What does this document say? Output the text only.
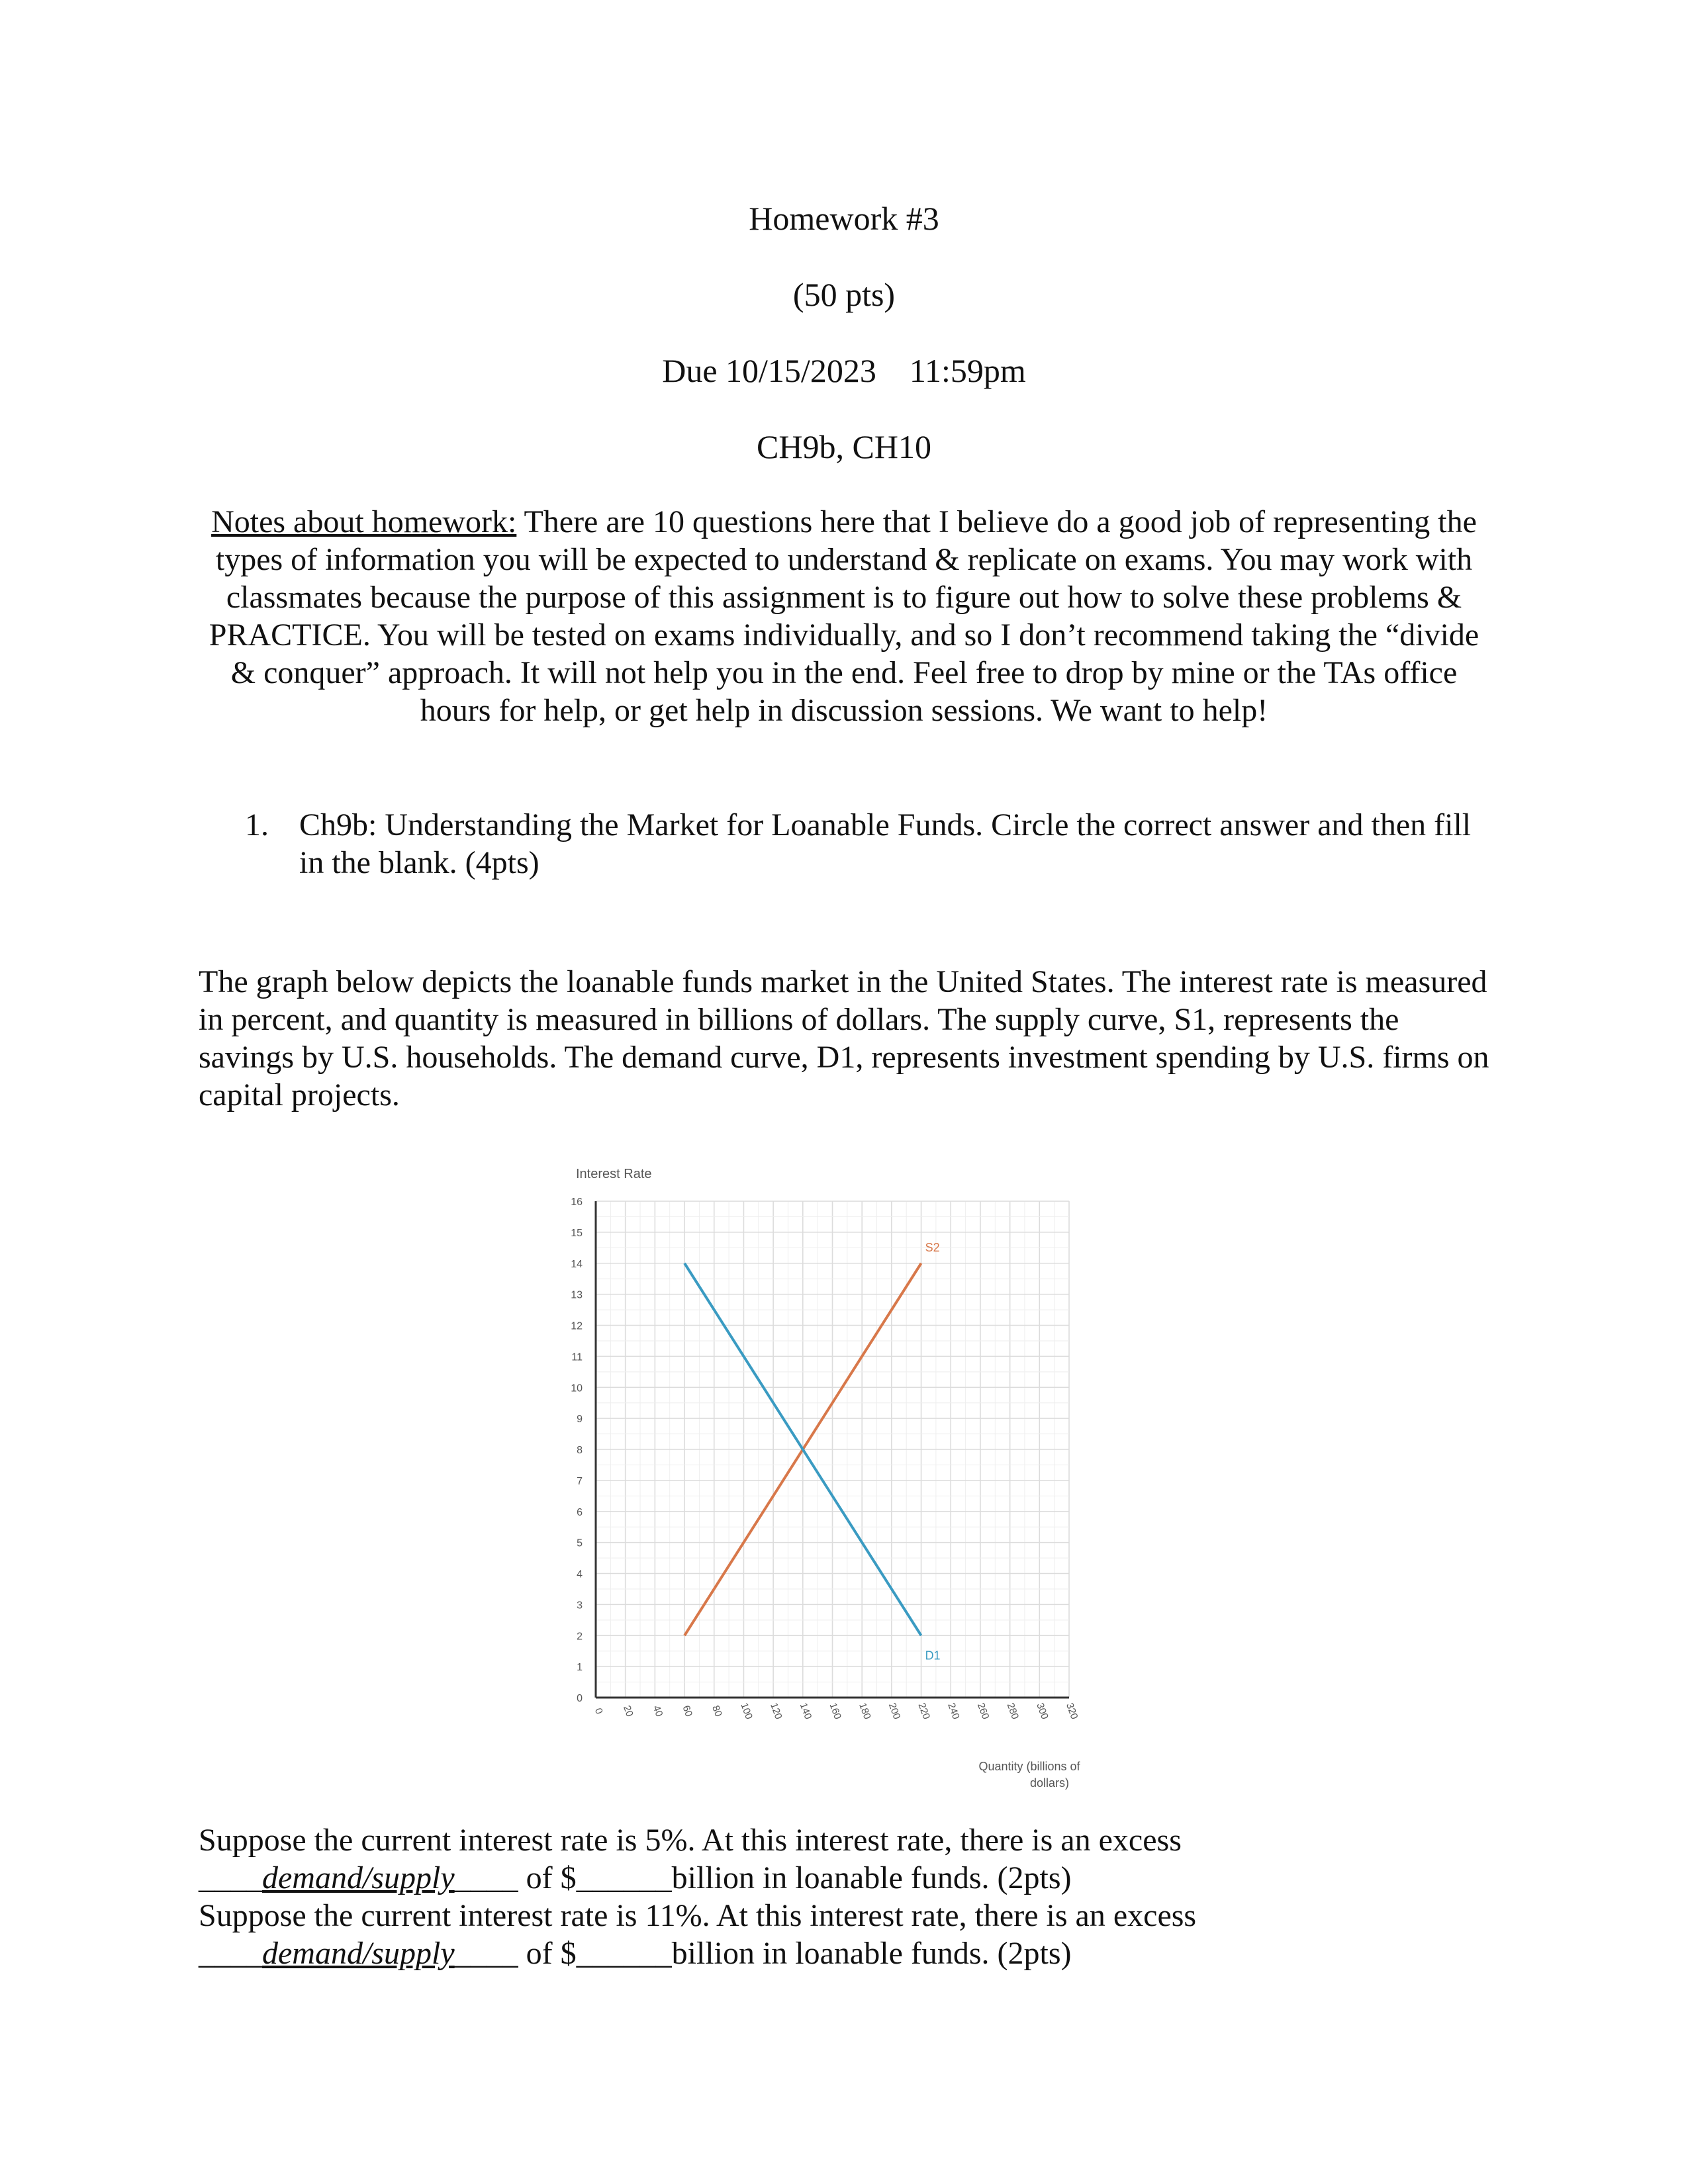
Homework #3
(50 pts)
Due 10/15/2023    11:59pm
CH9b, CH10
Notes about homework: There are 10 questions here that I believe do a good job of representing the types of information you will be expected to understand & replicate on exams. You may work with classmates because the purpose of this assignment is to figure out how to solve these problems & PRACTICE. You will be tested on exams individually, and so I don’t recommend taking the “divide & conquer” approach. It will not help you in the end. Feel free to drop by mine or the TAs office hours for help, or get help in discussion sessions. We want to help!
1. Ch9b: Understanding the Market for Loanable Funds. Circle the correct answer and then fill in the blank. (4pts)
The graph below depicts the loanable funds market in the United States. The interest rate is measured in percent, and quantity is measured in billions of dollars. The supply curve, S1, represents the savings by U.S. households. The demand curve, D1, represents investment spending by U.S. firms on capital projects.
Interest Rate
0
1
2
3
4
5
6
7
8
9
10
11
12
13
14
15
16
0 20 40 60 80 100 120 140 160 180 200 220 240 260 280 300 320
S2
D1
Quantity (billions of
dollars)
Suppose the current interest rate is 5%. At this interest rate, there is an excess
____demand/supply____ of $______billion in loanable funds. (2pts)
Suppose the current interest rate is 11%. At this interest rate, there is an excess
____demand/supply____ of $______billion in loanable funds. (2pts)
